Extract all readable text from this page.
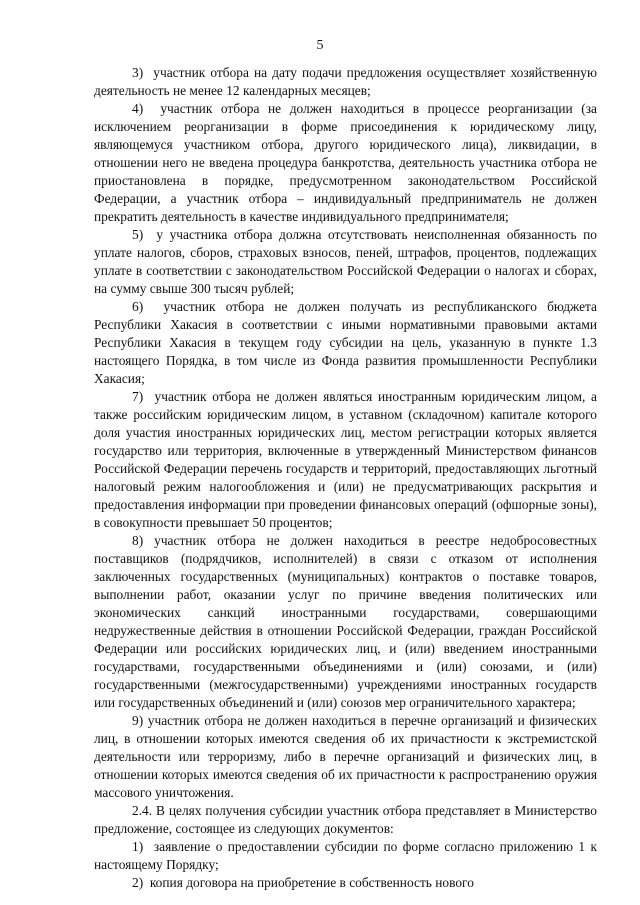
5

3)  участник отбора на дату подачи предложения осуществляет хозяйственную деятельность не менее 12 календарных месяцев;

4)  участник отбора не должен находиться в процессе реорганизации (за исключением реорганизации в форме присоединения к юридическому лицу, являющемуся участником отбора, другого юридического лица), ликвидации, в отношении него не введена процедура банкротства, деятельность участника отбора не приостановлена в порядке, предусмотренном законодательством Российской Федерации, а участник отбора – индивидуальный предприниматель не должен прекратить деятельность в качестве индивидуального предпринимателя;

5)  у участника отбора должна отсутствовать неисполненная обязанность по уплате налогов, сборов, страховых взносов, пеней, штрафов, процентов, подлежащих уплате в соответствии с законодательством Российской Федерации о налогах и сборах, на сумму свыше 300 тысяч рублей;

6)  участник отбора не должен получать из республиканского бюджета Республики Хакасия в соответствии с иными нормативными правовыми актами Республики Хакасия в текущем году субсидии на цель, указанную в пункте 1.3 настоящего Порядка, в том числе из Фонда развития промышленности Республики Хакасия;

7)  участник отбора не должен являться иностранным юридическим лицом, а также российским юридическим лицом, в уставном (складочном) капитале которого доля участия иностранных юридических лиц, местом регистрации которых является государство или территория, включенные в утвержденный Министерством финансов Российской Федерации перечень государств и территорий, предоставляющих льготный налоговый режим налогообложения и (или) не предусматривающих раскрытия и предоставления информации при проведении финансовых операций (офшорные зоны), в совокупности превышает 50 процентов;

8) участник отбора не должен находиться в реестре недобросовестных поставщиков (подрядчиков, исполнителей) в связи с отказом от исполнения заключенных государственных (муниципальных) контрактов о поставке товаров, выполнении работ, оказании услуг по причине введения политических или экономических санкций иностранными государствами, совершающими недружественные действия в отношении Российской Федерации, граждан Российской Федерации или российских юридических лиц, и (или) введением иностранными государствами, государственными объединениями и (или) союзами, и (или) государственными (межгосударственными) учреждениями иностранных государств или государственных объединений и (или) союзов мер ограничительного характера;

9) участник отбора не должен находиться в перечне организаций и физических лиц, в отношении которых имеются сведения об их причастности к экстремистской деятельности или терроризму, либо в перечне организаций и физических лиц, в отношении которых имеются сведения об их причастности к распространению оружия массового уничтожения.

2.4. В целях получения субсидии участник отбора представляет в Министерство предложение, состоящее из следующих документов:

1)  заявление о предоставлении субсидии по форме согласно приложению 1 к настоящему Порядку;

2)  копия договора на приобретение в собственность нового
